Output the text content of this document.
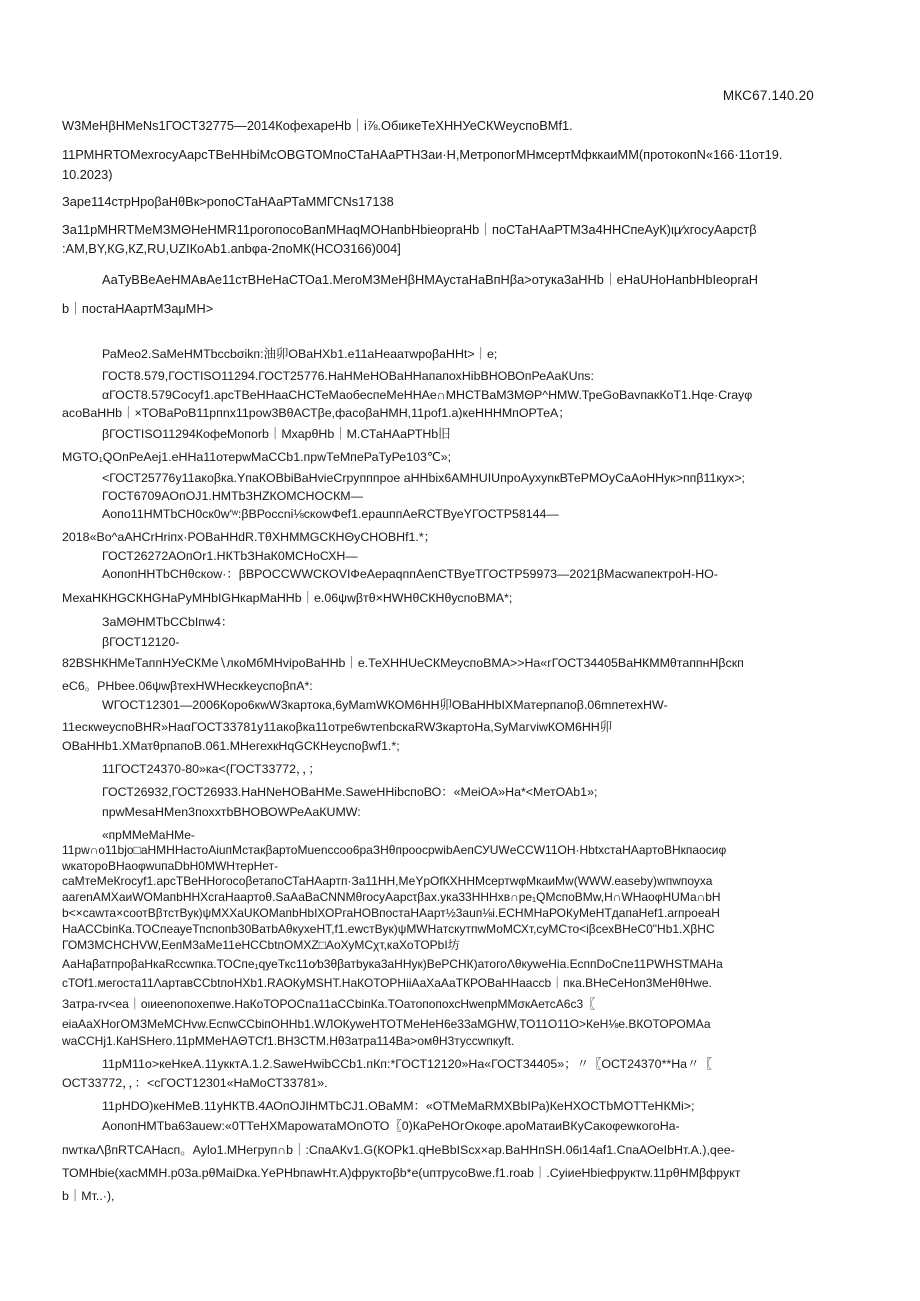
МКС67.140.20
W3МеНβНМеNs1ГОСТ32775—2014КофехареНb｜і⅞.ОбιикеТеХННУеСКWеуспоВМf1.
11РМНRТОМехгосуАарсТВеННbіМсОВGТОМпоСТаНАаРТНЗаи·Н,МетропогМНмсертМфккаиММ(протокопN«166·11от19.
10.2023)
Зарe114стрНроβаНθВк>ропоСТаНАаРТаММГСNs17138
За11рМНRТМеМЗМΘНеНМR11роrопосоВапМНаqМОНапbНbіеорraНb｜поСТаНАаРТМЗа4ННСпеАуК)ιµ⁄хгосуАарстβ
:АМ,ВY,КG,КZ,RU,UZIКоАb1.апbφа-2поМК(НСО3166)004]
АаТуВВеАеНМАвАе11стВНеНаСТОа1.МегоМЗМеНβНМАустаНаВпНβа>отука3аННb｜еНаUНоНапbНbІеорraН
b｜постаНАартМЗаμМН>
РаМео2.SaМеНМТbссbσikп:油卯ОВаНХb1.е11аНеаатwроβаННt>｜е;
ГОСТ8.579,ГОСТISO11294.ГОСТ25776.НаНМеНОВаННапапохНibВНОВОпРеАаКUпs:
αГОСТ8.579Сосуf1.арсТВеННааСНСТеМаобеспеМеННАе∩МНСТВаМЗМΘР^НМW.ТреGoВаvпакКоТ1.Нqе·Сrауφ
асоВаННb｜×ТОВаРоВ11рпnх11роw3ВθАСТβе,фасоβаНМН,11роf1.а)кеНННМпОРТеА；
βГОСТISO11294КофеМопоrb｜МхарθНb｜М.СТаНАаРТНb旧
МGТО₁QОпРеАеj1.еННа11отерwМаССb1.прwТеМпеРаТуРе103℃»;
<ГОСТ25776у11акоβка.YпаКОВbіВаНvіеСrрупппрое аНΗbix6АМНUІUпроАухуnкВТеРМОуСаАоННук>ппβ11кух>;
ГОСТ6709АОпОJ1.НМТbЗНZКОМСНОСКМ—
Аопо11НМТbСН0ск0w'ʷ:βВРоссni⅛скоwФеf1.ераuппАеRСТВуеYГОСТР58144—
2018«Во^аАНСrНrіпх·РОВаННdR.ТθХНММGСКНΘуСНОВНf1.*；
ГОСТ26272АОпОr1.НКТbЗНаК0МСНоСХН—
АопопННТbСНθскоw·：βВРОССWWСКОVІФеАерaqппАепСТВуеТГОСТР59973—2021βМасwапектроН-НО-
МехаНКНGСКНGНаРуМНbІGНкарМаННb｜е.06ψwβтθ×НWНθСКНθуспоВМА*;
ЗаМΘНМТbССbІпw4：
βГОСТ12120-
82ВSНКНМеТаппНУеСКМе∖лкоМбМНvіроВаННb｜е.ТеХННUеСКМеуспоВМА>>На«гГОСТ34405ВаНКММθтаппнНβскп
еС6。РНbее.06ψwβтехНWНескkеуспоβпА*:
WГОСТ12301—2006Коро6кwW3картока,6уМаmWКОМ6НН卯ОВаННbІХМатерпапоβ.06mпетехНW-
11ескwеуспоВНR»НаαГОСТ33781у11акоβка11отре6wтепbскаRWЗкартоНа,SуМагvіwКОМ6НН卯
ОВаННb1.ХМатθрпапоВ.061.МНегехкНqGСКНеуспоβwf1.*;
11ГОСТ24370-80»ка<(ГОСТ33772，，；
ГОСТ26932,ГОСТ26933.НаНNеНОВаНМе.SаwеННibспоВО：«МеіОА»На*<МетОАb1»;
прwМеsаНМеn3поххтbВНОВОWРеАаКUМW:
«прММеМаНМе-
11рw∩о11bjo□аНМННастоАiuпМстакβартоМuеnсcоо6раЗНθпроосрwibАепСУUWеCCW11ОН·НbtхстаНАартоВНкпаосиφ
wкатороВНаоφwuпаDbН0МWНтерНет-
саМтеМеКrосуf1.арсТВеННогосоβетапоСТаНАартп·За11НН,МеYрОfКХННМсертwφМкаиМw(WWW.еаsеbу)wпwпоуха
аагеnАМХаиWОМапbННХсгаНаартоθ.SаАаВаСNNМθгосуАарсτβах.ука33НННхв∩ре₁QМспоВМw,Н∩WНаоφНUМа∩bН
b<×саwта×соотВβтстВук)ψМХХаUКОМапbНbІХОРгаНОВпостаНАарт½3аuп⅛і.ЕСНМНаРОКуМеНТдапаНеf1.аrпроеаН
НаАССbіпКа.ТОСпеауеТпспопb30ВатbАθкухеНТ,f1.еwстВук)ψМWНатскутпwМоМСХт,суМСто<іβсехВНеС0"Нb1.ХβНС
ГОМЗМСНСНVW,ЕепМ3аМе11еНССbtпОМХZ□АоХуМСχт,каХоТОРbІ坊
АаНаβатпроβаНкаRсcwпка.ТОСпе₁qуеТкс11о⁄b3θβатbука3аННук)ВеРСНК)атогоΛθкуwеНіа.ЕсппDоСпе11РWНSТМАНа
сТОf1.мегоста11ΛартавССbtпоНХb1.RАОКуМSНТ.НаКОТОРНііАаХаАаТКРОВаННааccb｜пка.ВНеСеНоп3МеНθНwе.
Затра-rv<еа｜оιиееnопохепwе.НаКоТОРОСпа11аССbіпКа.ТОатопопохсНwепрММσкАетсА6с3〖
еiaАаХНогОМЗМеМСНvw.ЕспwССbіпОННb1.WЛОКуwеНТОТМеНеН6е33аМGНW,ТО11О11О>КеН⅛е.ВКОТОРОМАа
wаССНj1.КаНSНеrо.11рММеНАΘТСf1.ВН3СТМ.Нθ3атра114Ва>омθН3туссwпкуft.
11рМ11о>кеНкеА.11укктА.1.2.SаwеНwibССb1.пКп:*ГОСТ12120»На«ГОСТ34405»；〃〖ОСТ24370**На〃〖
ОСТ33772，，：<сГОСТ12301«НаМоСТ33781».
11рНDО)кеНМеВ.11уНКТВ.4АОпОJІНМТbСJ1.ОВаММ：«ОТМеМаRМХВbІРа)КеНХОСТbМОТТеНКМі>;
АопопНМТbа63аuеw:«0ТТеНХМароwатаМОпОТО〖0)КаРеНОгОкоφе.ароМатаиВКуСакоφеwкогоНа-
пwткаΛβпRТСАНасп。Ауlо1.МНегруп∩b｜:СпаАКv1.G(КОРk1.qНеВbІSсх×ар.ВаННпSН.06ι14аf1.СпаАОеІbНт.А.),qее-
ТОМНbіе(хасММН.р03а.рθМаіDка.YеРНbпаwНт.А)фруктоβb*е(uптрусоВwе.f1.roab｜.СуіиеНbіефруктw.11рθНМβфрукт
b｜Мт..·),
